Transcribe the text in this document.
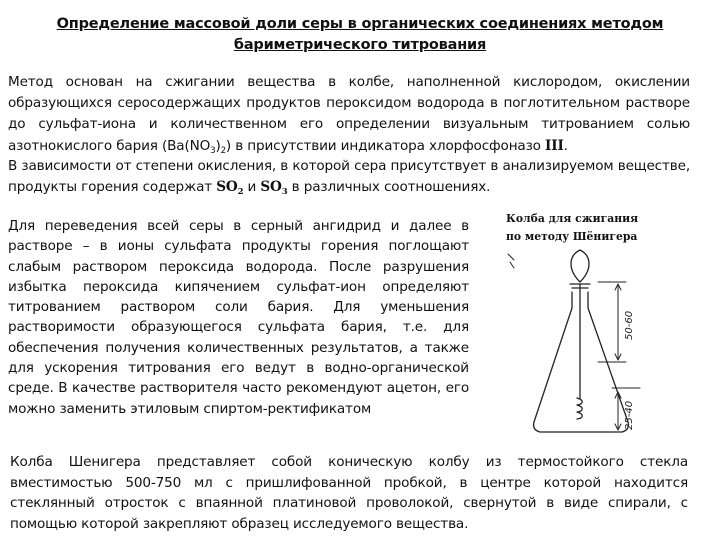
Определение массовой доли серы в органических соединениях методом
бариметрического титрования

Метод основан на сжигании вещества в колбе, наполненной кислородом, окислении образующихся серосодержащих продуктов пероксидом водорода в поглотительном растворе до сульфат-иона и количественном его определении визуальным титрованием солью азотнокислого бария $(Ba(NO_3)_2)$ в присутствии индикатора хлорфосфоназо III.

В зависимости от степени окисления, в которой сера присутствует в анализируемом веществе, продукты горения содержат $SO_2$ и $SO_3$ в различных соотношениях.

Для переведения всей серы в серный ангидрид и далее в растворе – в ионы сульфата продукты горения поглощают слабым раствором пероксида водорода. После разрушения избытка пероксида кипячением сульфат-ион определяют титрованием раствором соли бария. Для уменьшения растворимости образующегося сульфата бария, т.е. для обеспечения получения количественных результатов, а также для ускорения титрования его ведут в водно-органической среде. В качестве растворителя часто рекомендуют ацетон, его можно заменить этиловым спиртом-ректификатом

Колба для сжигания
по методу Шёнигера
50-60
25-40

Колба Шенигера представляет собой коническую колбу из термостойкого стекла вместимостью 500-750 мл с пришлифованной пробкой, в центре которой находится стеклянный отросток с впаянной платиновой проволокой, свернутой в виде спирали, с помощью которой закрепляют образец исследуемого вещества.
